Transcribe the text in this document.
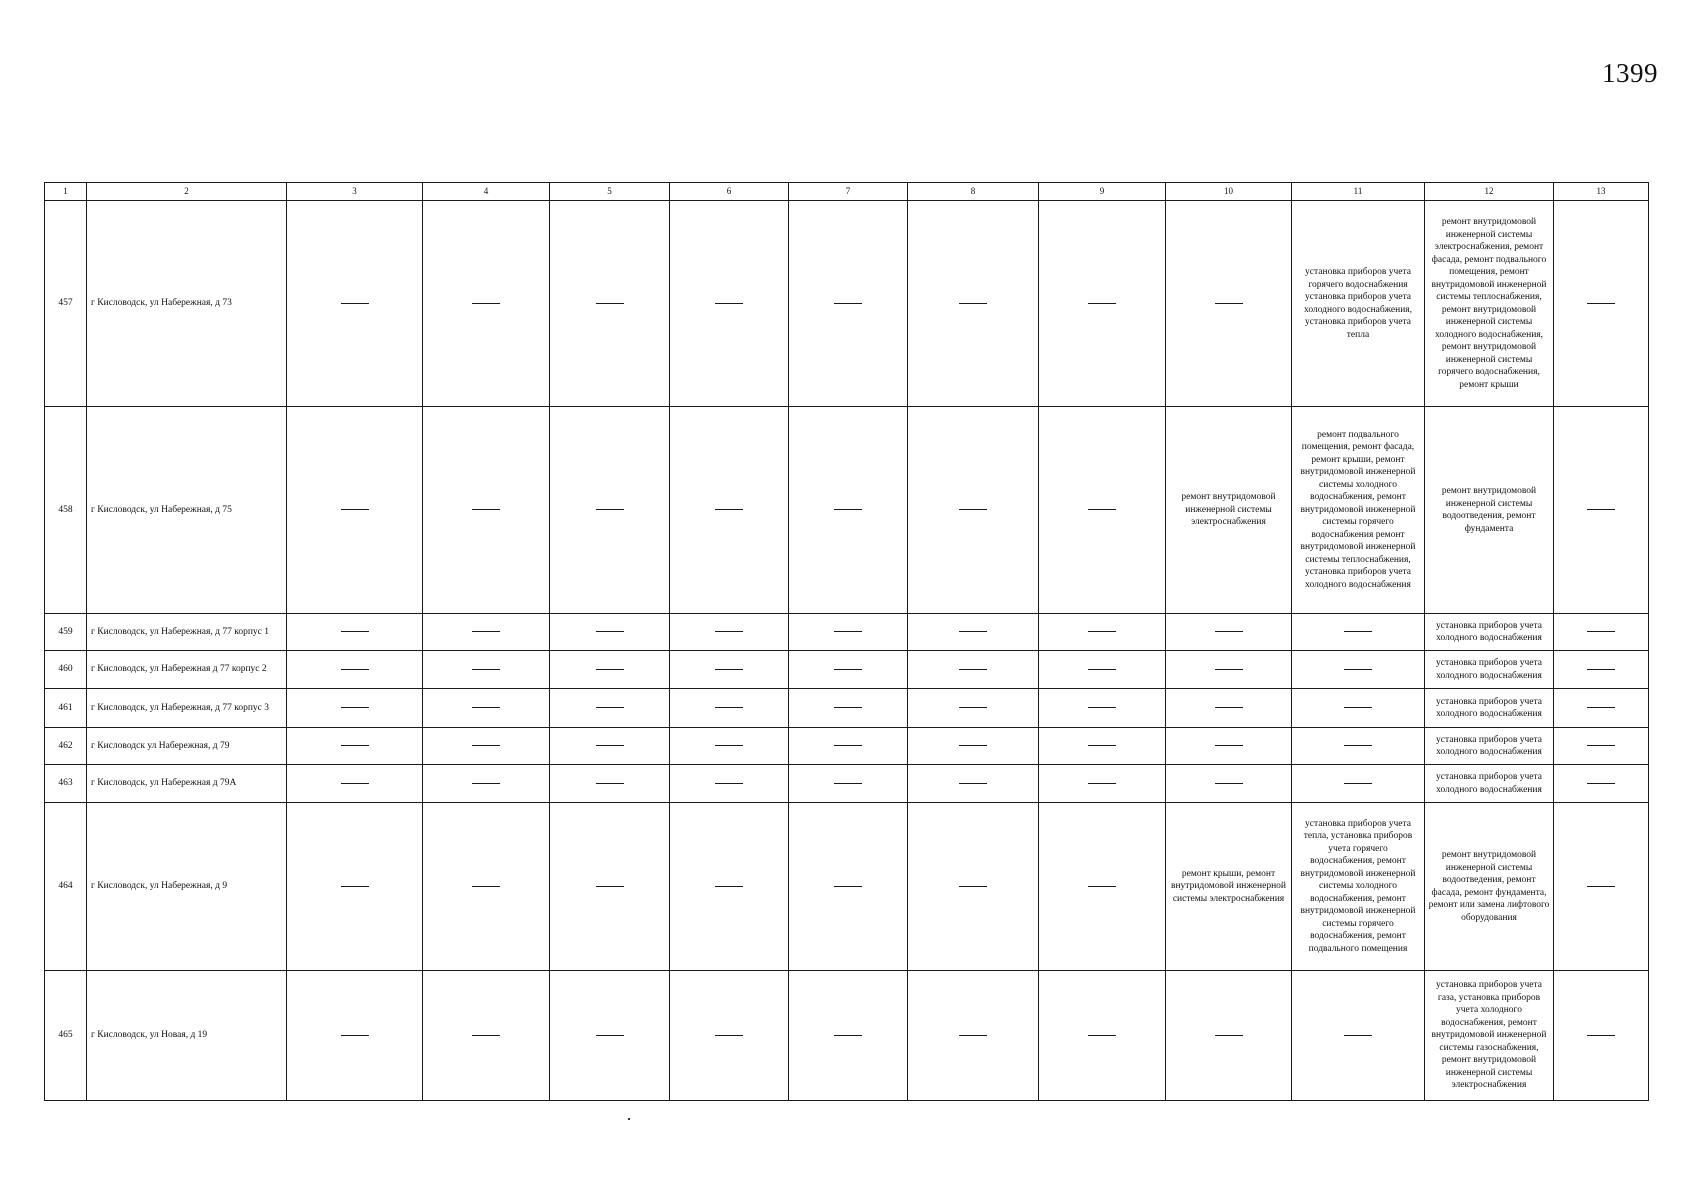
1399
1	2	3	4	5	6	7	8	9	10	11	12	13
457	г Кисловодск, ул Набережная, д 73									установка приборов учета горячего водоснабжения установка приборов учета холодного водоснабжения, установка приборов учета тепла	ремонт внутридомовой инженерной системы электроснабжения, ремонт фасада, ремонт подвального помещения, ремонт внутридомовой инженерной системы теплоснабжения, ремонт внутридомовой инженерной системы холодного водоснабжения, ремонт внутридомовой инженерной системы горячего водоснабжения, ремонт крыши	
458	г Кисловодск, ул Набережная, д 75								ремонт внутридомовой инженерной системы электроснабжения	ремонт подвального помещения, ремонт фасада, ремонт крыши, ремонт внутридомовой инженерной системы холодного водоснабжения, ремонт внутридомовой инженерной системы горячего водоснабжения ремонт внутридомовой инженерной системы теплоснабжения, установка приборов учета холодного водоснабжения	ремонт внутридомовой инженерной системы водоотведения, ремонт фундамента	
459	г Кисловодск, ул Набережная, д 77 корпус 1										установка приборов учета холодного водоснабжения	
460	г Кисловодск, ул Набережная д 77 корпус 2										установка приборов учета холодного водоснабжения	
461	г Кисловодск, ул Набережная, д 77 корпус 3										установка приборов учета холодного водоснабжения	
462	г Кисловодск ул Набережная, д 79										установка приборов учета холодного водоснабжения	
463	г Кисловодск, ул Набережная д 79А										установка приборов учета холодного водоснабжения	
464	г Кисловодск, ул Набережная, д 9								ремонт крыши, ремонт внутридомовой инженерной системы электроснабжения	установка приборов учета тепла, установка приборов учета горячего водоснабжения, ремонт внутридомовой инженерной системы холодного водоснабжения, ремонт внутридомовой инженерной системы горячего водоснабжения, ремонт подвального помещения	ремонт внутридомовой инженерной системы водоотведения, ремонт фасада, ремонт фундамента, ремонт или замена лифтового оборудования	
465	г Кисловодск, ул Новая, д 19										установка приборов учета газа, установка приборов учета холодного водоснабжения, ремонт внутридомовой инженерной системы газоснабжения, ремонт внутридомовой инженерной системы электроснабжения	
